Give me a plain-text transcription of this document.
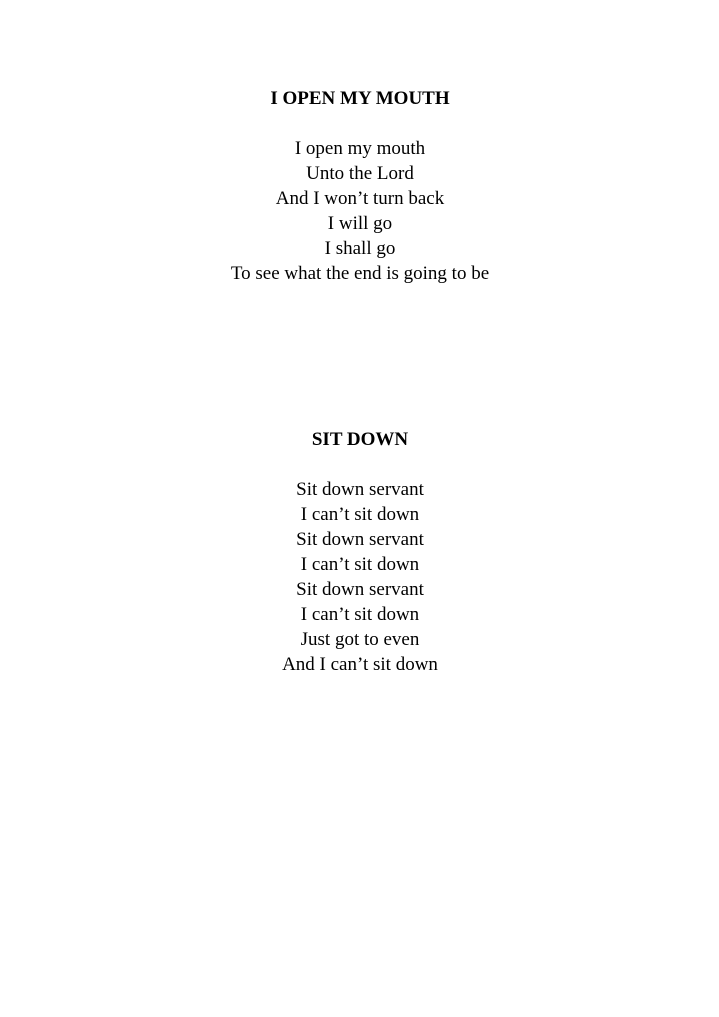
I OPEN MY MOUTH
I open my mouth
Unto the Lord
And I won’t turn back
I will go
I shall go
To see what the end is going to be
SIT DOWN
Sit down servant
I can’t sit down
Sit down servant
I can’t sit down
Sit down servant
I can’t sit down
Just got to even
And I can’t sit down
